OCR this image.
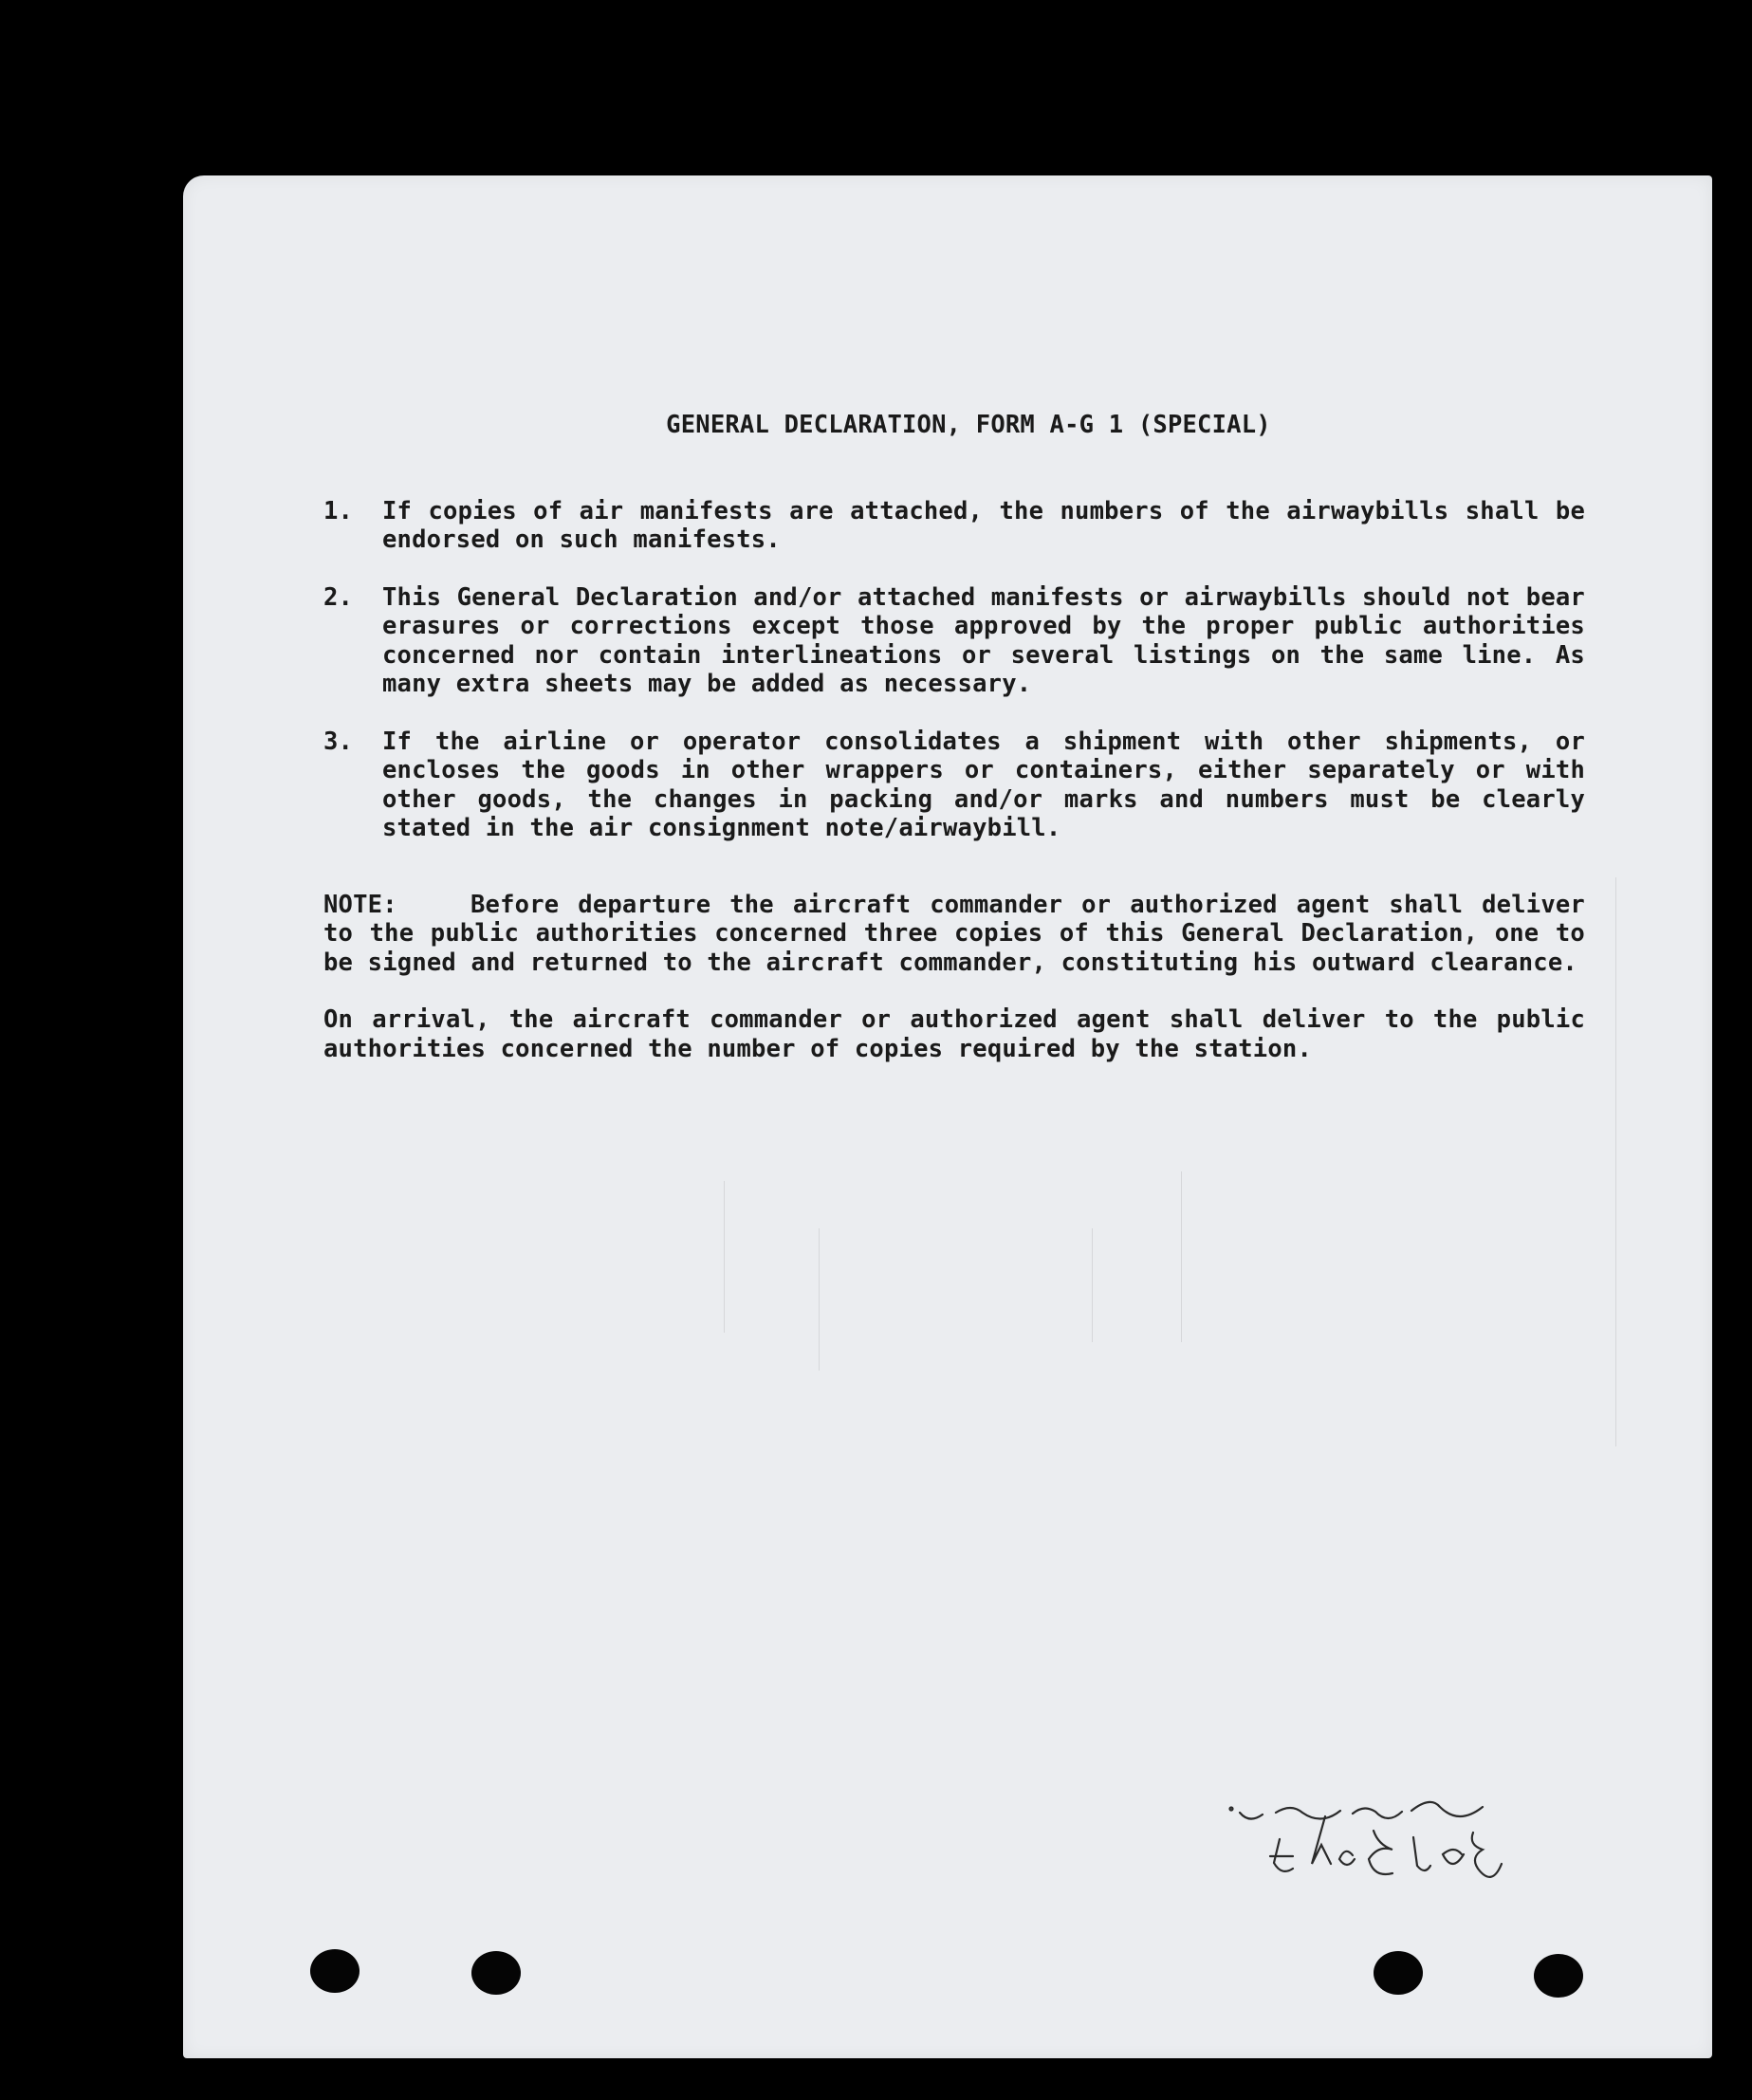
GENERAL DECLARATION, FORM A-G 1 (SPECIAL)
1.	If copies of air manifests are attached, the numbers of the airwaybills shall be endorsed on such manifests.
2.	This General Declaration and/or attached manifests or airwaybills should not bear erasures or corrections except those approved by the proper public authorities concerned nor contain interlineations or several listings on the same line. As many extra sheets may be added as necessary.
3.	If the airline or operator consolidates a shipment with other shipments, or encloses the goods in other wrappers or containers, either separately or with other goods, the changes in packing and/or marks and numbers must be clearly stated in the air consignment note/airwaybill.
NOTE:	Before departure the aircraft commander or authorized agent shall deliver to the public authorities concerned three copies of this General Declaration, one to be signed and returned to the aircraft commander, constituting his outward clearance.
On arrival, the aircraft commander or authorized agent shall deliver to the public authorities concerned the number of copies required by the station.
